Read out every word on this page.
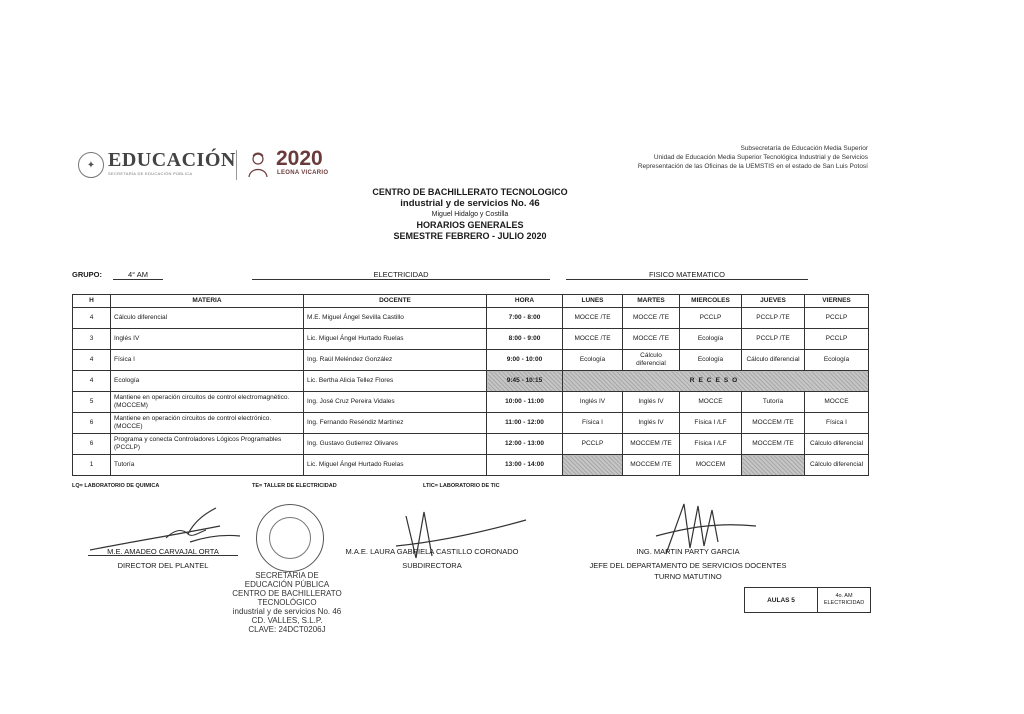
✦ EDUCACIÓN
SECRETARÍA DE EDUCACIÓN PÚBLICA
2020
LEONA VICARIO
Subsecretaría de Educación Media Superior
Unidad de Educación Media Superior Tecnológica Industrial y de Servicios
Representación de las Oficinas de la UEMSTIS en el estado de San Luis Potosí
CENTRO DE BACHILLERATO TECNOLOGICO
industrial y de servicios No. 46
Miguel Hidalgo y Costilla
HORARIOS GENERALES
SEMESTRE FEBRERO - JULIO 2020
GRUPO:	4° AM	ELECTRICIDAD	FISICO MATEMATICO
H	MATERIA	DOCENTE	HORA	LUNES	MARTES	MIERCOLES	JUEVES	VIERNES
4	Cálculo diferencial	M.E. Miguel Ángel Sevilla Castillo	7:00 - 8:00	MOCCE /TE	MOCCE /TE	PCCLP	PCCLP /TE	PCCLP
3	Inglés IV	Lic. Miguel Ángel Hurtado Ruelas	8:00 - 9:00	MOCCE /TE	MOCCE /TE	Ecología	PCCLP /TE	PCCLP
4	Física I	Ing. Raúl Meléndez González	9:00 - 10:00	Ecología	Cálculo diferencial	Ecología	Cálculo diferencial	Ecología
4	Ecología	Lic. Bertha Alicia Tellez Flores	9:45 - 10:15	RECESO				
5	Mantiene en operación circuitos de control electromagnético. (MOCCEM)	Ing. José Cruz Pereira Vidales	10:00 - 11:00	Inglés IV	Inglés IV	MOCCE	Tutoría	MOCCE
6	Mantiene en operación circuitos de control electrónico. (MOCCE)	Ing. Fernando Reséndiz Martínez	11:00 - 12:00	Física I	Inglés IV	Física I /LF	MOCCEM /TE	Física I
6	Programa y conecta Controladores Lógicos Programables (PCCLP)	Ing. Gustavo Gutierrez Olivares	12:00 - 13:00	PCCLP	MOCCEM /TE	Física I /LF	MOCCEM /TE	Cálculo diferencial
1	Tutoría	Lic. Miguel Ángel Hurtado Ruelas	13:00 - 14:00		MOCCEM /TE	MOCCEM		Cálculo diferencial
LQ= LABORATORIO DE QUIMICA	TE= TALLER DE ELECTRICIDAD	LTIC= LABORATORIO DE TIC
M.E. AMADEO CARVAJAL ORTA
DIRECTOR DEL PLANTEL
M.A.E. LAURA GABRIELA CASTILLO CORONADO
SUBDIRECTORA
ING. MARTIN PARTY GARCIA
JEFE DEL DEPARTAMENTO DE SERVICIOS DOCENTES
TURNO MATUTINO
SECRETARIA DE
EDUCACIÓN PÚBLICA
CENTRO DE BACHILLERATO
TECNOLÓGICO
industrial y de servicios No. 46
CD. VALLES, S.L.P.
CLAVE: 24DCT0206J
AULAS 5	
4o. AM
ELECTRICIDAD
